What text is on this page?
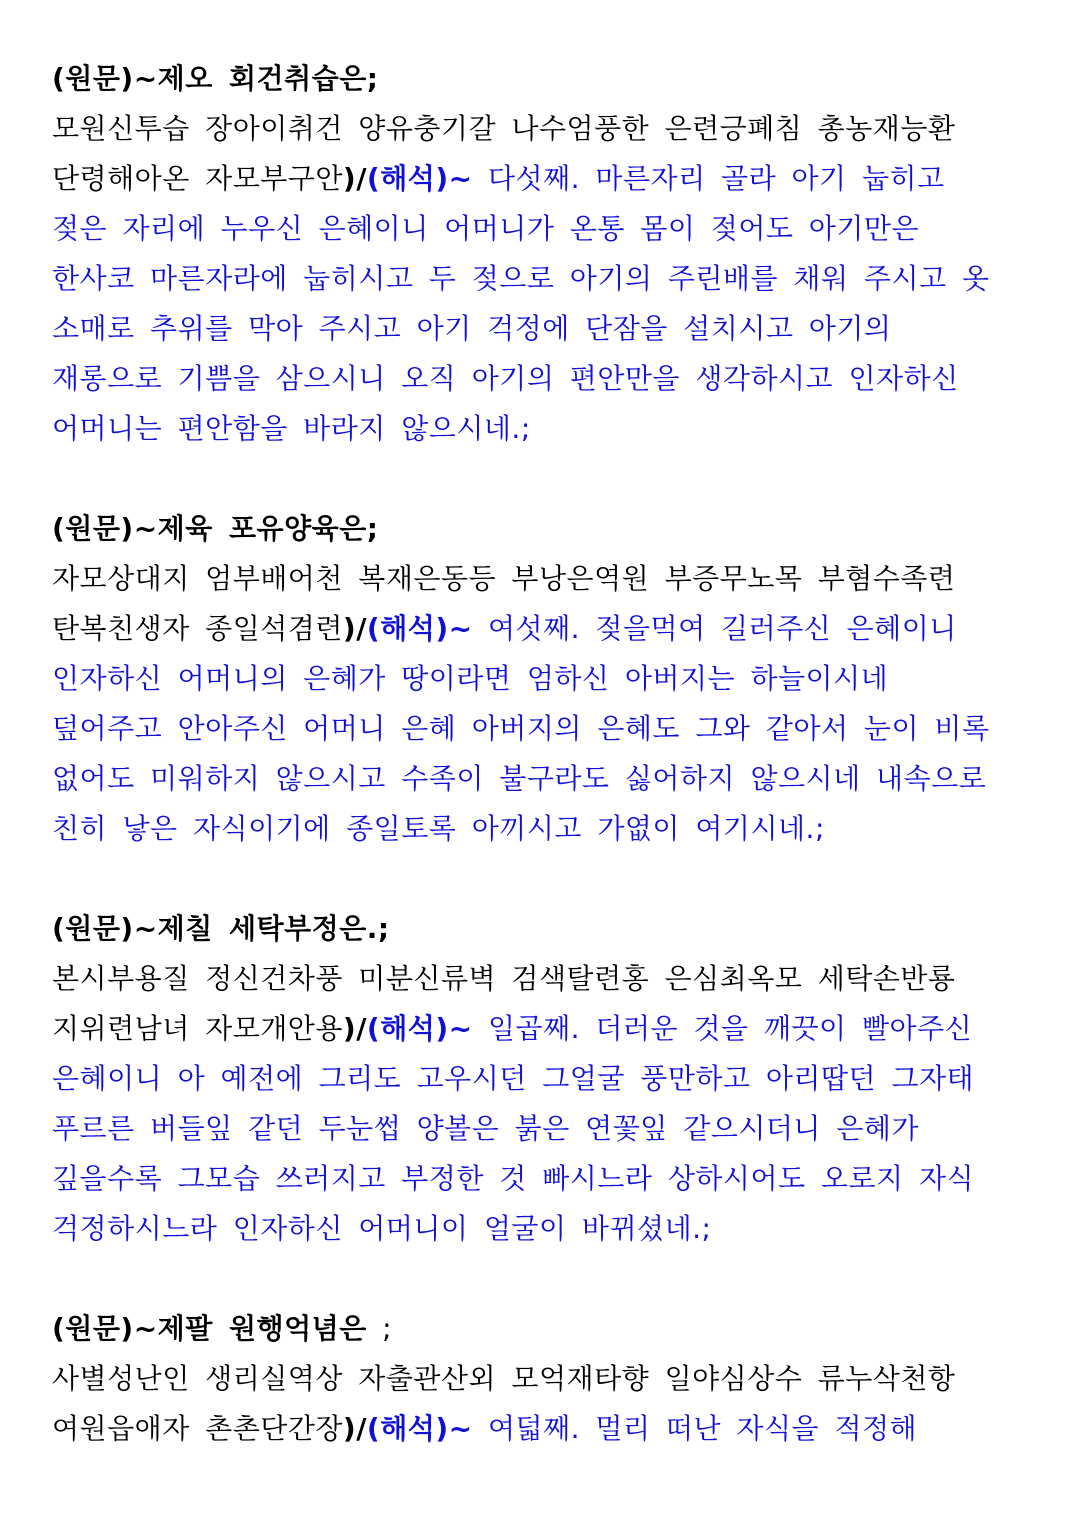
(원문)~제오 회건취습은;
모원신투습 장아이취건 양유충기갈 나수엄풍한 은련긍폐침 총농재능환
단령해아온 자모부구안)/(해석)~ 다섯째. 마른자리 골라 아기 눕히고
젖은 자리에 누우신 은혜이니 어머니가 온통 몸이 젖어도 아기만은
한사코 마른자라에 눕히시고 두 젖으로 아기의 주린배를 채워 주시고 옷
소매로 추위를 막아 주시고 아기 걱정에 단잠을 설치시고 아기의
재롱으로 기쁨을 삼으시니 오직 아기의 편안만을 생각하시고 인자하신
어머니는 편안함을 바라지 않으시네.;
(원문)~제육 포유양육은;
자모상대지 엄부배어천 복재은동등 부낭은역원 부증무노목 부혐수족련
탄복친생자 종일석겸련)/(해석)~ 여섯째. 젖을먹여 길러주신 은혜이니
인자하신 어머니의 은혜가 땅이라면 엄하신 아버지는 하늘이시네
덮어주고 안아주신 어머니 은혜 아버지의 은혜도 그와 같아서 눈이 비록
없어도 미워하지 않으시고 수족이 불구라도 싫어하지 않으시네 내속으로
친히 낳은 자식이기에 종일토록 아끼시고 가엾이 여기시네.;
(원문)~제칠 세탁부정은.;
본시부용질 정신건차풍 미분신류벽 검색탈련홍 은심최옥모 세탁손반룡
지위련남녀 자모개안용)/(해석)~ 일곱째. 더러운 것을 깨끗이 빨아주신
은혜이니 아 예전에 그리도 고우시던 그얼굴 풍만하고 아리땁던 그자태
푸르른 버들잎 같던 두눈썹 양볼은 붉은 연꽃잎 같으시더니 은혜가
깊을수록 그모습 쓰러지고 부정한 것 빠시느라 상하시어도 오로지 자식
걱정하시느라 인자하신 어머니이 얼굴이 바뀌셨네.;
(원문)~제팔 원행억념은 ;
사별성난인 생리실역상 자출관산외 모억재타향 일야심상수 류누삭천항
여원읍애자 촌촌단간장)/(해석)~ 여덟째. 멀리 떠난 자식을 적정해
